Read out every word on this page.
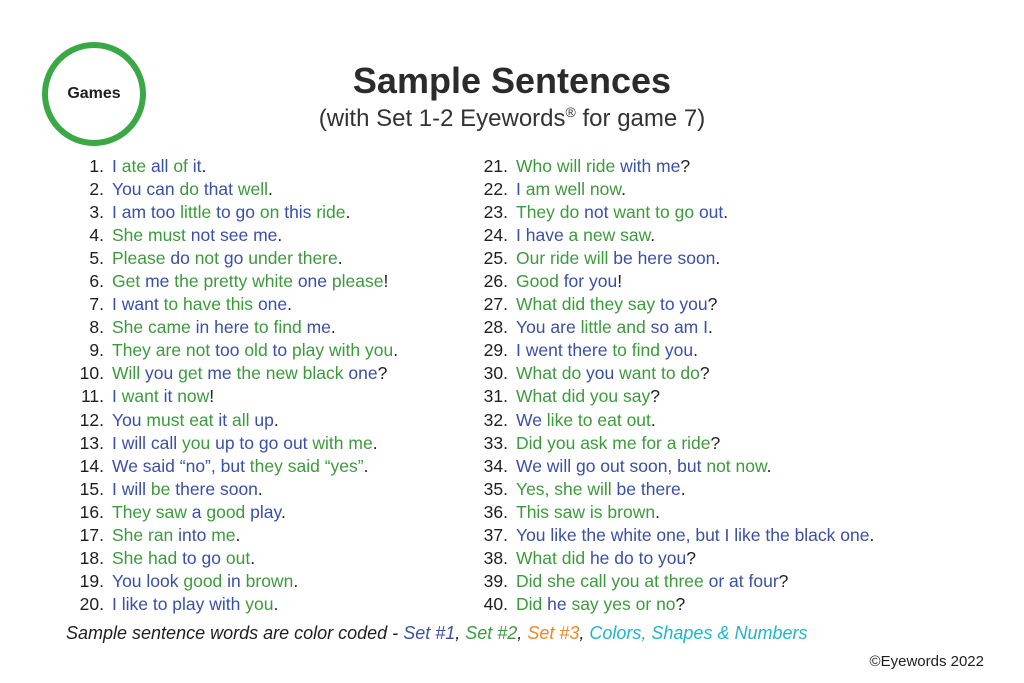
Games	Sample Sentences
(with Set 1-2 Eyewords® for game 7)
1. I ate all of it.
2. You can do that well.
3. I am too little to go on this ride.
4. She must not see me.
5. Please do not go under there.
6. Get me the pretty white one please!
7. I want to have this one.
8. She came in here to find me.
9. They are not too old to play with you.
10. Will you get me the new black one?
11. I want it now!
12. You must eat it all up.
13. I will call you up to go out with me.
14. We said “no”, but they said “yes”.
15. I will be there soon.
16. They saw a good play.
17. She ran into me.
18. She had to go out.
19. You look good in brown.
20. I like to play with you.
21. Who will ride with me?
22. I am well now.
23. They do not want to go out.
24. I have a new saw.
25. Our ride will be here soon.
26. Good for you!
27. What did they say to you?
28. You are little and so am I.
29. I went there to find you.
30. What do you want to do?
31. What did you say?
32. We like to eat out.
33. Did you ask me for a ride?
34. We will go out soon, but not now.
35. Yes, she will be there.
36. This saw is brown.
37. You like the white one, but I like the black one.
38. What did he do to you?
39. Did she call you at three or at four?
40. Did he say yes or no?
Sample sentence words are color coded - Set #1, Set #2, Set #3, Colors, Shapes & Numbers
©Eyewords 2022
